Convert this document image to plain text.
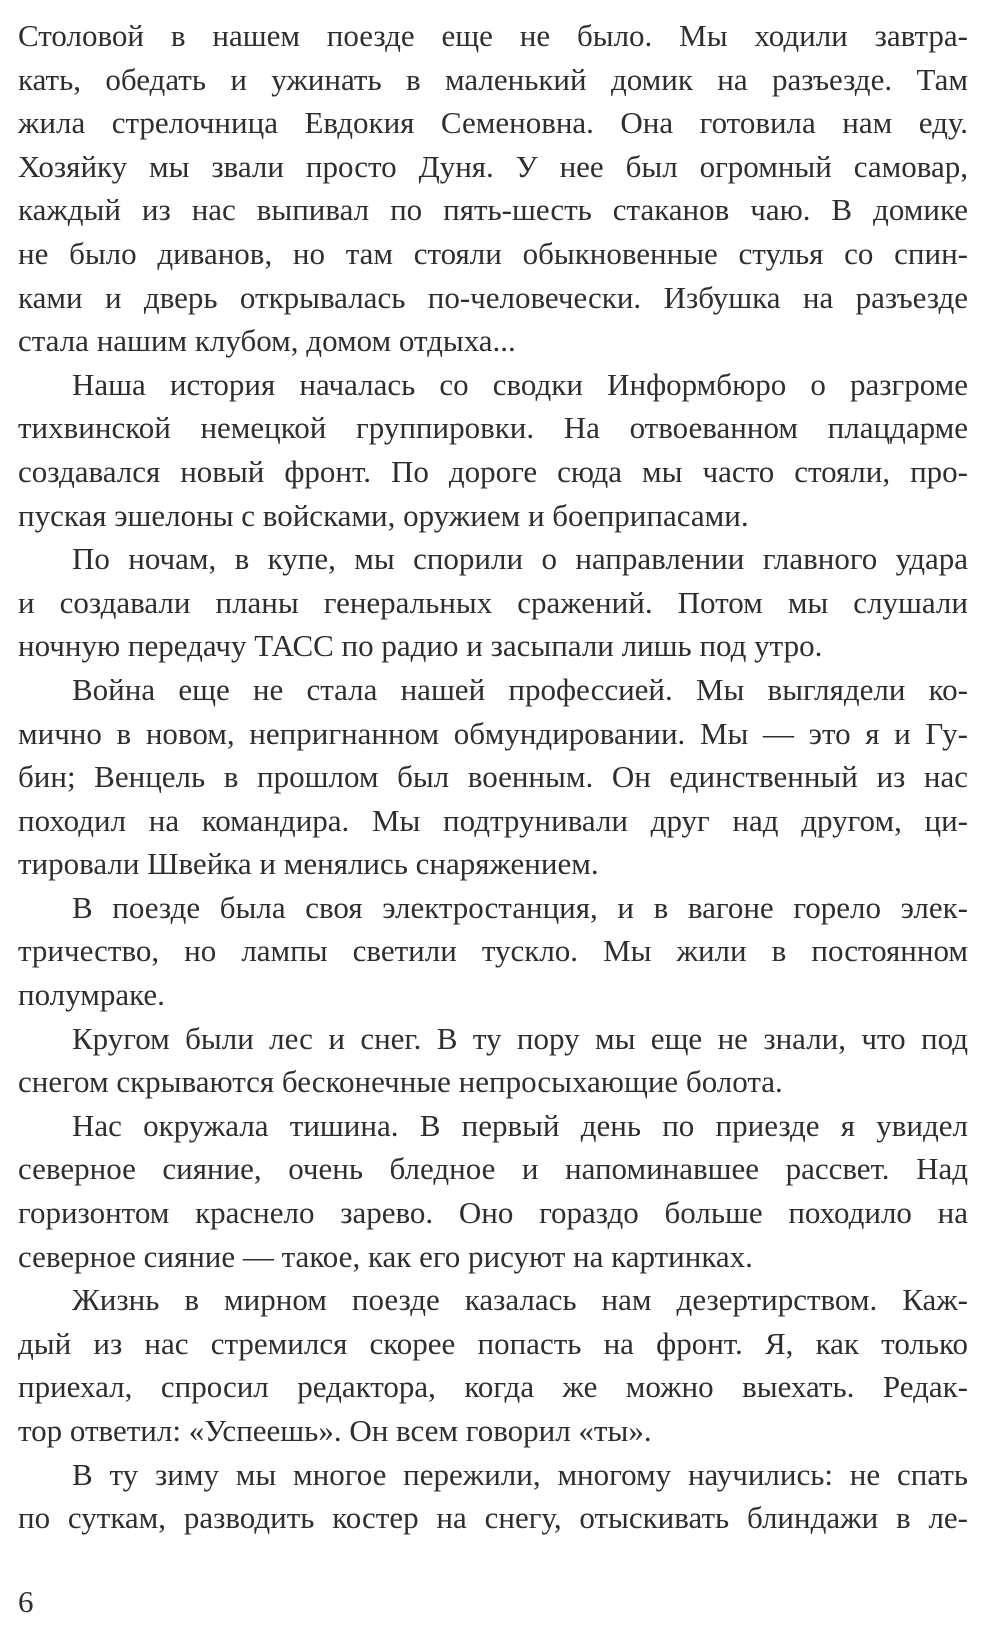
Столовой в нашем поезде еще не было. Мы ходили завтра-
кать, обедать и ужинать в маленький домик на разъезде. Там
жила стрелочница Евдокия Семеновна. Она готовила нам еду.
Хозяйку мы звали просто Дуня. У нее был огромный самовар,
каждый из нас выпивал по пять-шесть стаканов чаю. В домике
не было диванов, но там стояли обыкновенные стулья со спин-
ками и дверь открывалась по-человечески. Избушка на разъезде
стала нашим клубом, домом отдыха...
Наша история началась со сводки Информбюро о разгроме
тихвинской немецкой группировки. На отвоеванном плацдарме
создавался новый фронт. По дороге сюда мы часто стояли, про-
пуская эшелоны с войсками, оружием и боеприпасами.
По ночам, в купе, мы спорили о направлении главного удара
и создавали планы генеральных сражений. Потом мы слушали
ночную передачу ТАСС по радио и засыпали лишь под утро.
Война еще не стала нашей профессией. Мы выглядели ко-
мично в новом, непригнанном обмундировании. Мы — это я и Гу-
бин; Венцель в прошлом был военным. Он единственный из нас
походил на командира. Мы подтрунивали друг над другом, ци-
тировали Швейка и менялись снаряжением.
В поезде была своя электростанция, и в вагоне горело элек-
тричество, но лампы светили тускло. Мы жили в постоянном
полумраке.
Кругом были лес и снег. В ту пору мы еще не знали, что под
снегом скрываются бесконечные непросыхающие болота.
Нас окружала тишина. В первый день по приезде я увидел
северное сияние, очень бледное и напоминавшее рассвет. Над
горизонтом краснело зарево. Оно гораздо больше походило на
северное сияние — такое, как его рисуют на картинках.
Жизнь в мирном поезде казалась нам дезертирством. Каж-
дый из нас стремился скорее попасть на фронт. Я, как только
приехал, спросил редактора, когда же можно выехать. Редак-
тор ответил: «Успеешь». Он всем говорил «ты».
В ту зиму мы многое пережили, многому научились: не спать
по суткам, разводить костер на снегу, отыскивать блиндажи в ле-
6
